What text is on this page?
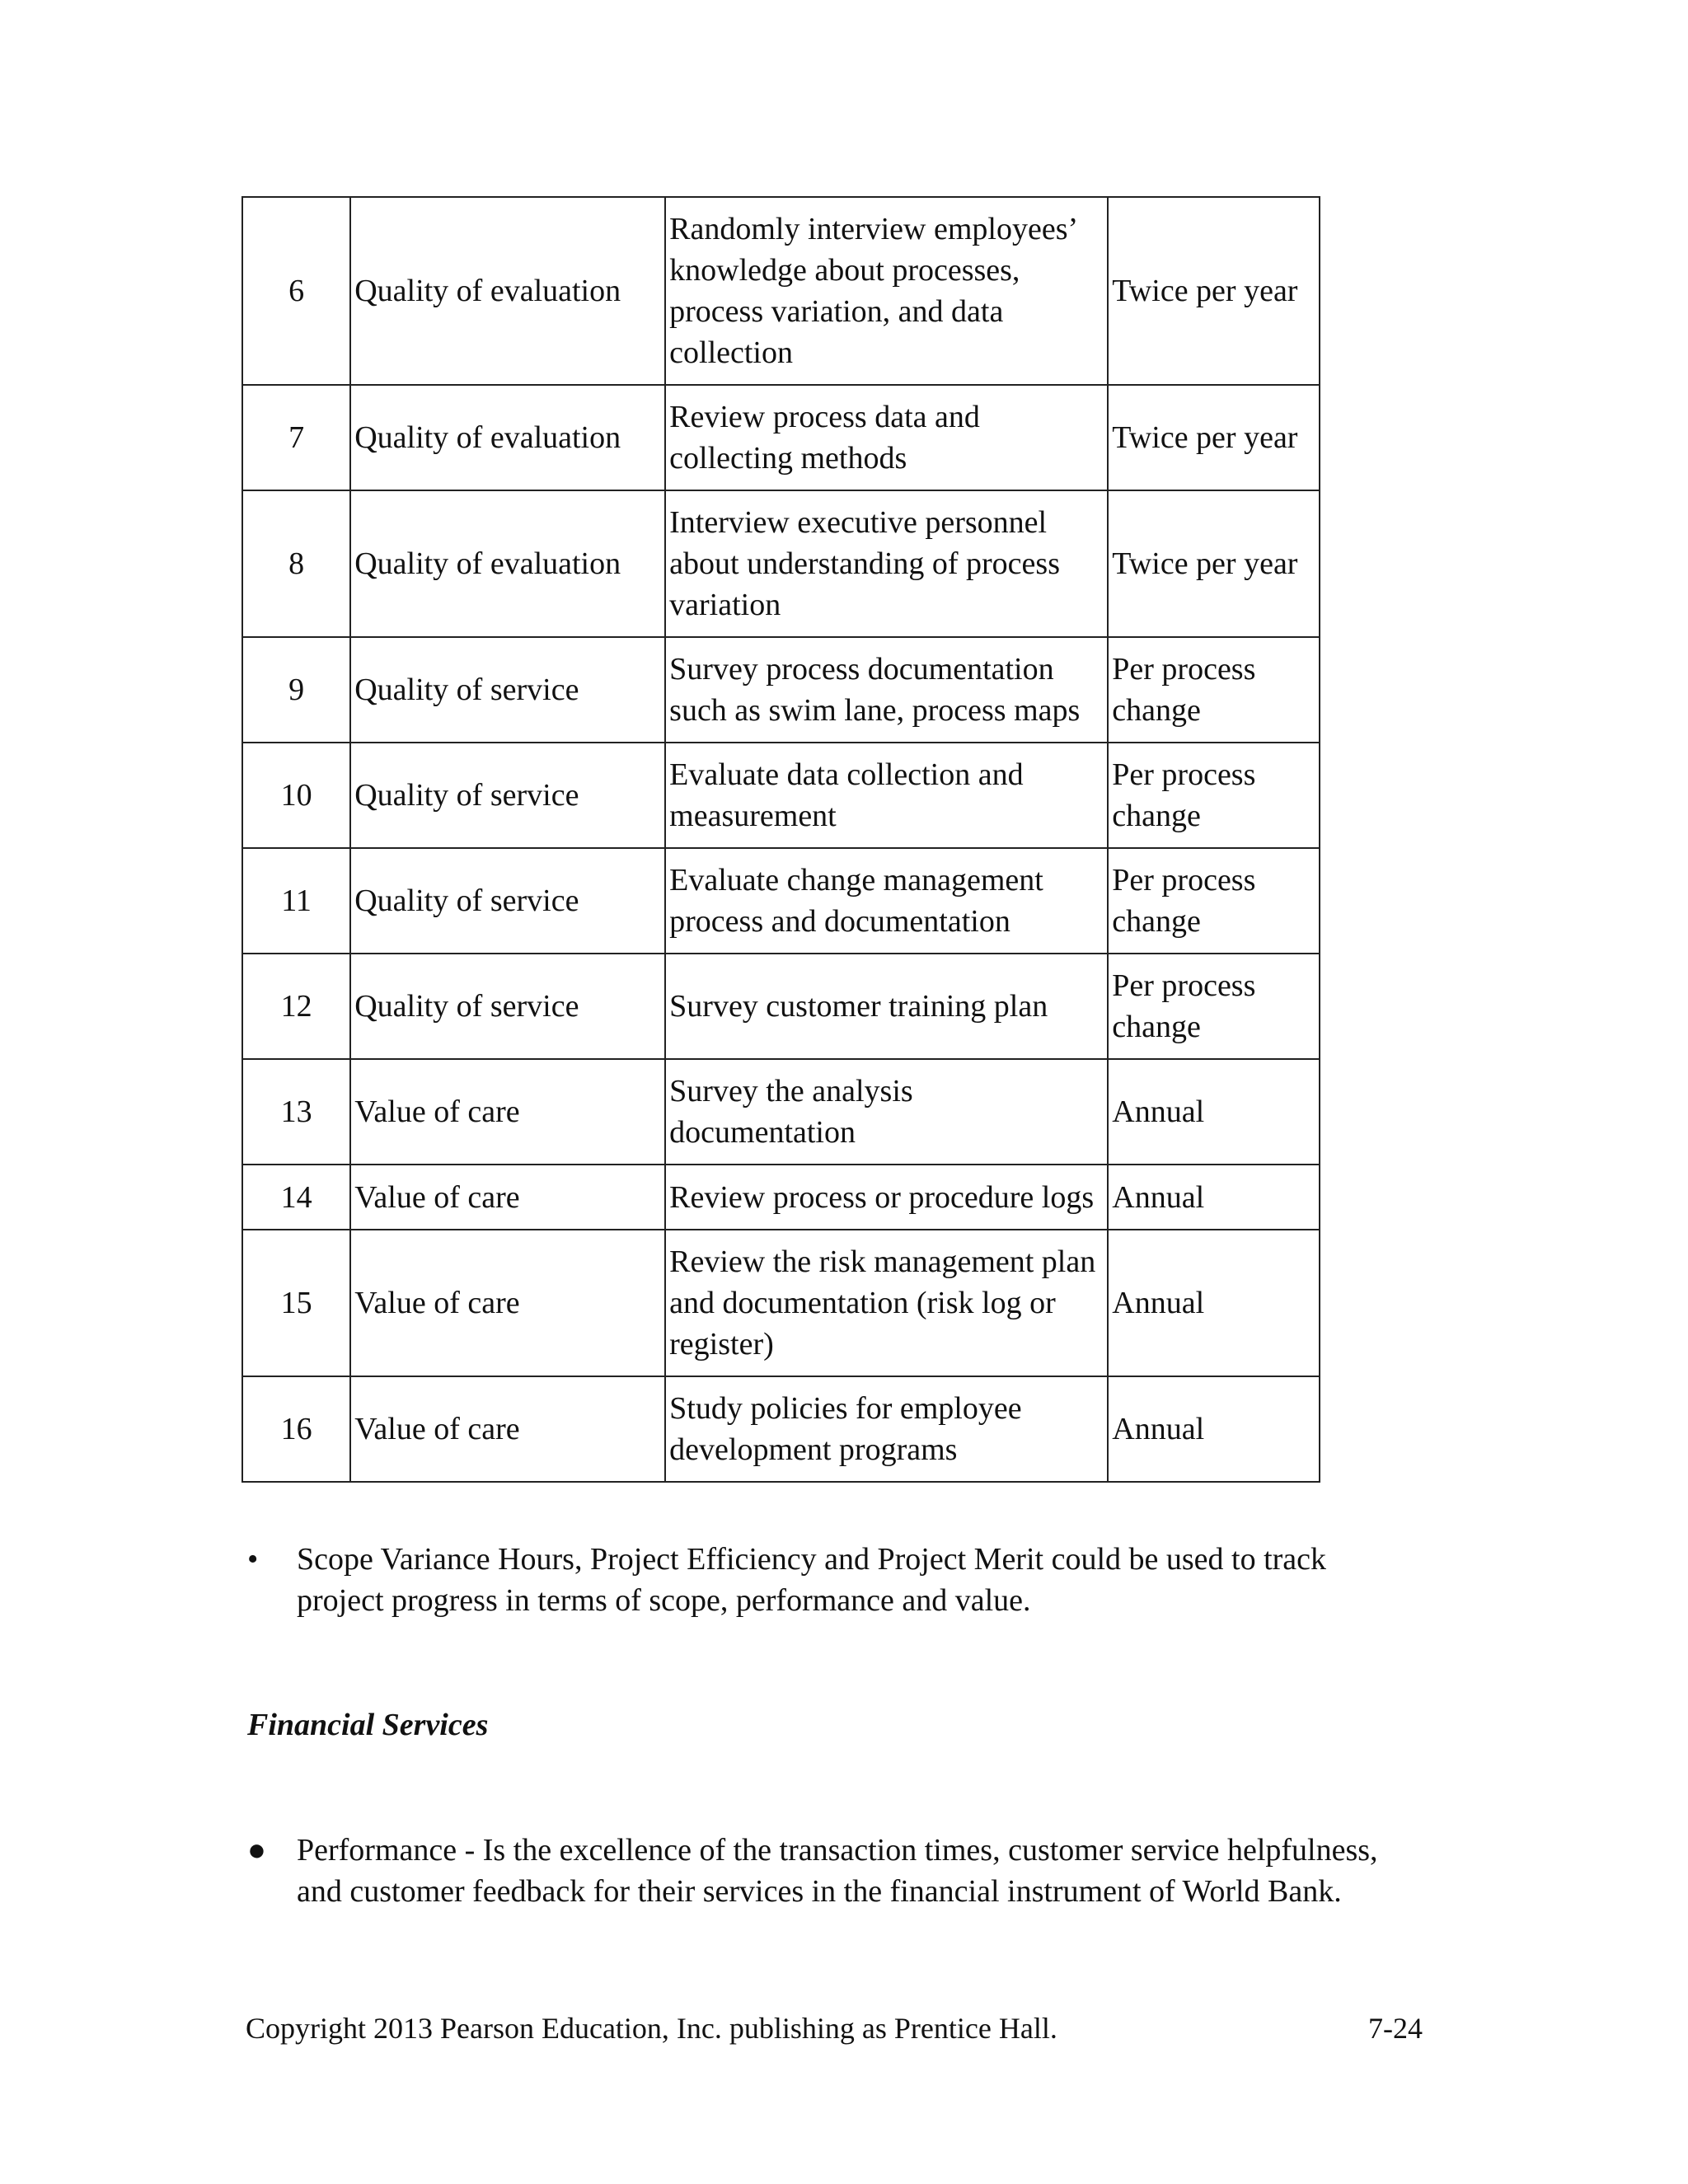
6	Quality of evaluation	Randomly interview employees’ knowledge about processes, process variation, and data collection	Twice per year
7	Quality of evaluation	Review process data and collecting methods	Twice per year
8	Quality of evaluation	Interview executive personnel about understanding of process variation	Twice per year
9	Quality of service	Survey process documentation such as swim lane, process maps	Per process change
10	Quality of service	Evaluate data collection and measurement	Per process change
11	Quality of service	Evaluate change management process and documentation	Per process change
12	Quality of service	Survey customer training plan	Per process change
13	Value of care	Survey the analysis documentation	Annual
14	Value of care	Review process or procedure logs	Annual
15	Value of care	Review the risk management plan and documentation (risk log or register)	Annual
16	Value of care	Study policies for employee development programs	Annual
•	Scope Variance Hours, Project Efficiency and Project Merit could be used to track project progress in terms of scope, performance and value.
Financial Services
● Performance - Is the excellence of the transaction times, customer service helpfulness, and customer feedback for their services in the financial instrument of World Bank.
Copyright 2013 Pearson Education, Inc. publishing as Prentice Hall.	7-24
